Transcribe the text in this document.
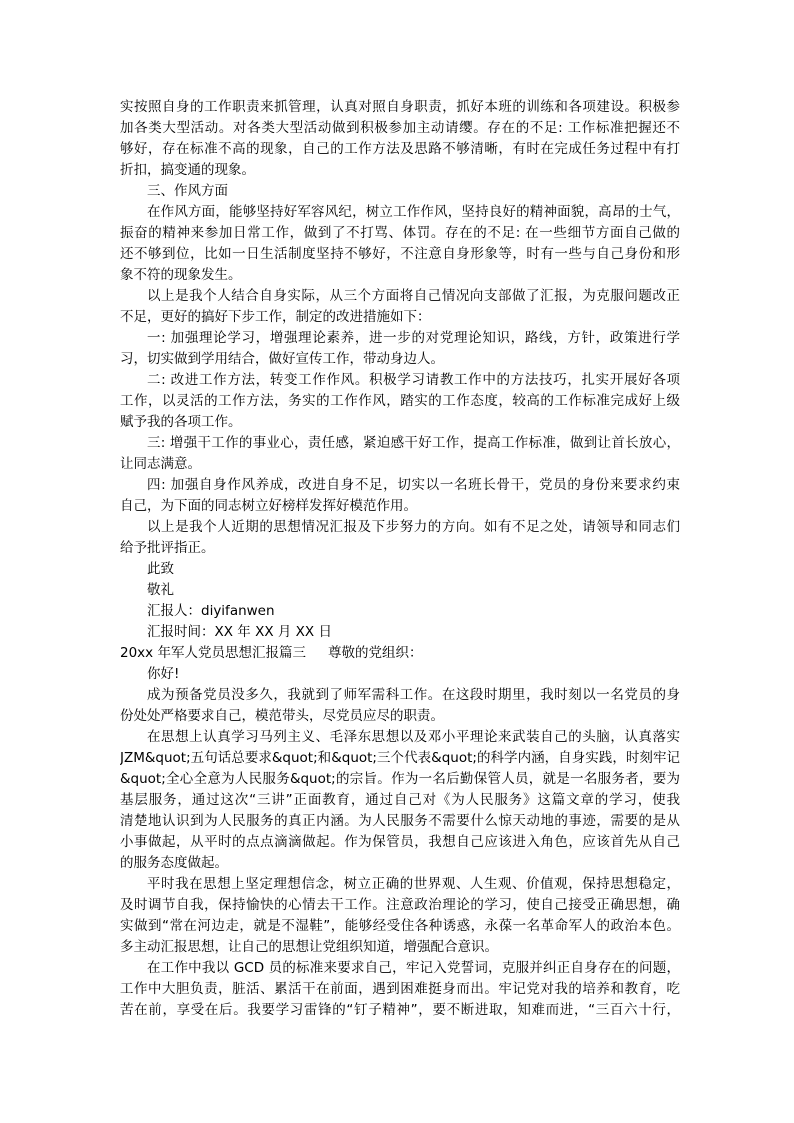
实按照自身的工作职责来抓管理，认真对照自身职责，抓好本班的训练和各项建设。积极参
加各类大型活动。对各类大型活动做到积极参加主动请缨。存在的不足: 工作标准把握还不
够好，存在标准不高的现象，自己的工作方法及思路不够清晰，有时在完成任务过程中有打
折扣，搞变通的现象。
三、作风方面
在作风方面，能够坚持好军容风纪，树立工作作风，坚持良好的精神面貌，高昂的士气，
振奋的精神来参加日常工作，做到了不打骂、体罚。存在的不足: 在一些细节方面自己做的
还不够到位，比如一日生活制度坚持不够好，不注意自身形象等，时有一些与自己身份和形
象不符的现象发生。
以上是我个人结合自身实际，从三个方面将自己情况向支部做了汇报，为克服问题改正
不足，更好的搞好下步工作，制定的改进措施如下：
一: 加强理论学习，增强理论素养，进一步的对党理论知识，路线，方针，政策进行学
习，切实做到学用结合，做好宣传工作，带动身边人。
二: 改进工作方法，转变工作作风。积极学习请教工作中的方法技巧，扎实开展好各项
工作，以灵活的工作方法，务实的工作作风，踏实的工作态度，较高的工作标准完成好上级
赋予我的各项工作。
三: 增强干工作的事业心，责任感，紧迫感干好工作，提高工作标准，做到让首长放心，
让同志满意。
四: 加强自身作风养成，改进自身不足，切实以一名班长骨干，党员的身份来要求约束
自己，为下面的同志树立好榜样发挥好模范作用。
以上是我个人近期的思想情况汇报及下步努力的方向。如有不足之处，请领导和同志们
给予批评指正。
此致
敬礼
汇报人：diyifanwen
汇报时间：XX 年 XX 月 XX 日
20xx 年军人党员思想汇报篇三 尊敬的党组织：
你好!
成为预备党员没多久，我就到了师军需科工作。在这段时期里，我时刻以一名党员的身
份处处严格要求自己，模范带头，尽党员应尽的职责。
在思想上认真学习马列主义、毛泽东思想以及邓小平理论来武装自己的头脑，认真落实
JZM&quot;五句话总要求&quot;和&quot;三个代表&quot;的科学内涵，自身实践，时刻牢记
&quot;全心全意为人民服务&quot;的宗旨。作为一名后勤保管人员，就是一名服务者，要为
基层服务，通过这次“三讲”正面教育，通过自己对《为人民服务》这篇文章的学习，使我
清楚地认识到为人民服务的真正内涵。为人民服务不需要什么惊天动地的事迹，需要的是从
小事做起，从平时的点点滴滴做起。作为保管员，我想自己应该进入角色，应该首先从自己
的服务态度做起。
平时我在思想上坚定理想信念，树立正确的世界观、人生观、价值观，保持思想稳定，
及时调节自我，保持愉快的心情去干工作。注意政治理论的学习，使自己接受正确思想，确
实做到“常在河边走，就是不湿鞋”，能够经受住各种诱惑，永葆一名革命军人的政治本色。
多主动汇报思想，让自己的思想让党组织知道，增强配合意识。
在工作中我以 GCD 员的标准来要求自己，牢记入党誓词，克服并纠正自身存在的问题，
工作中大胆负责，脏活、累活干在前面，遇到困难挺身而出。牢记党对我的培养和教育，吃
苦在前，享受在后。我要学习雷锋的“钉子精神”，要不断进取，知难而进，“三百六十行，
